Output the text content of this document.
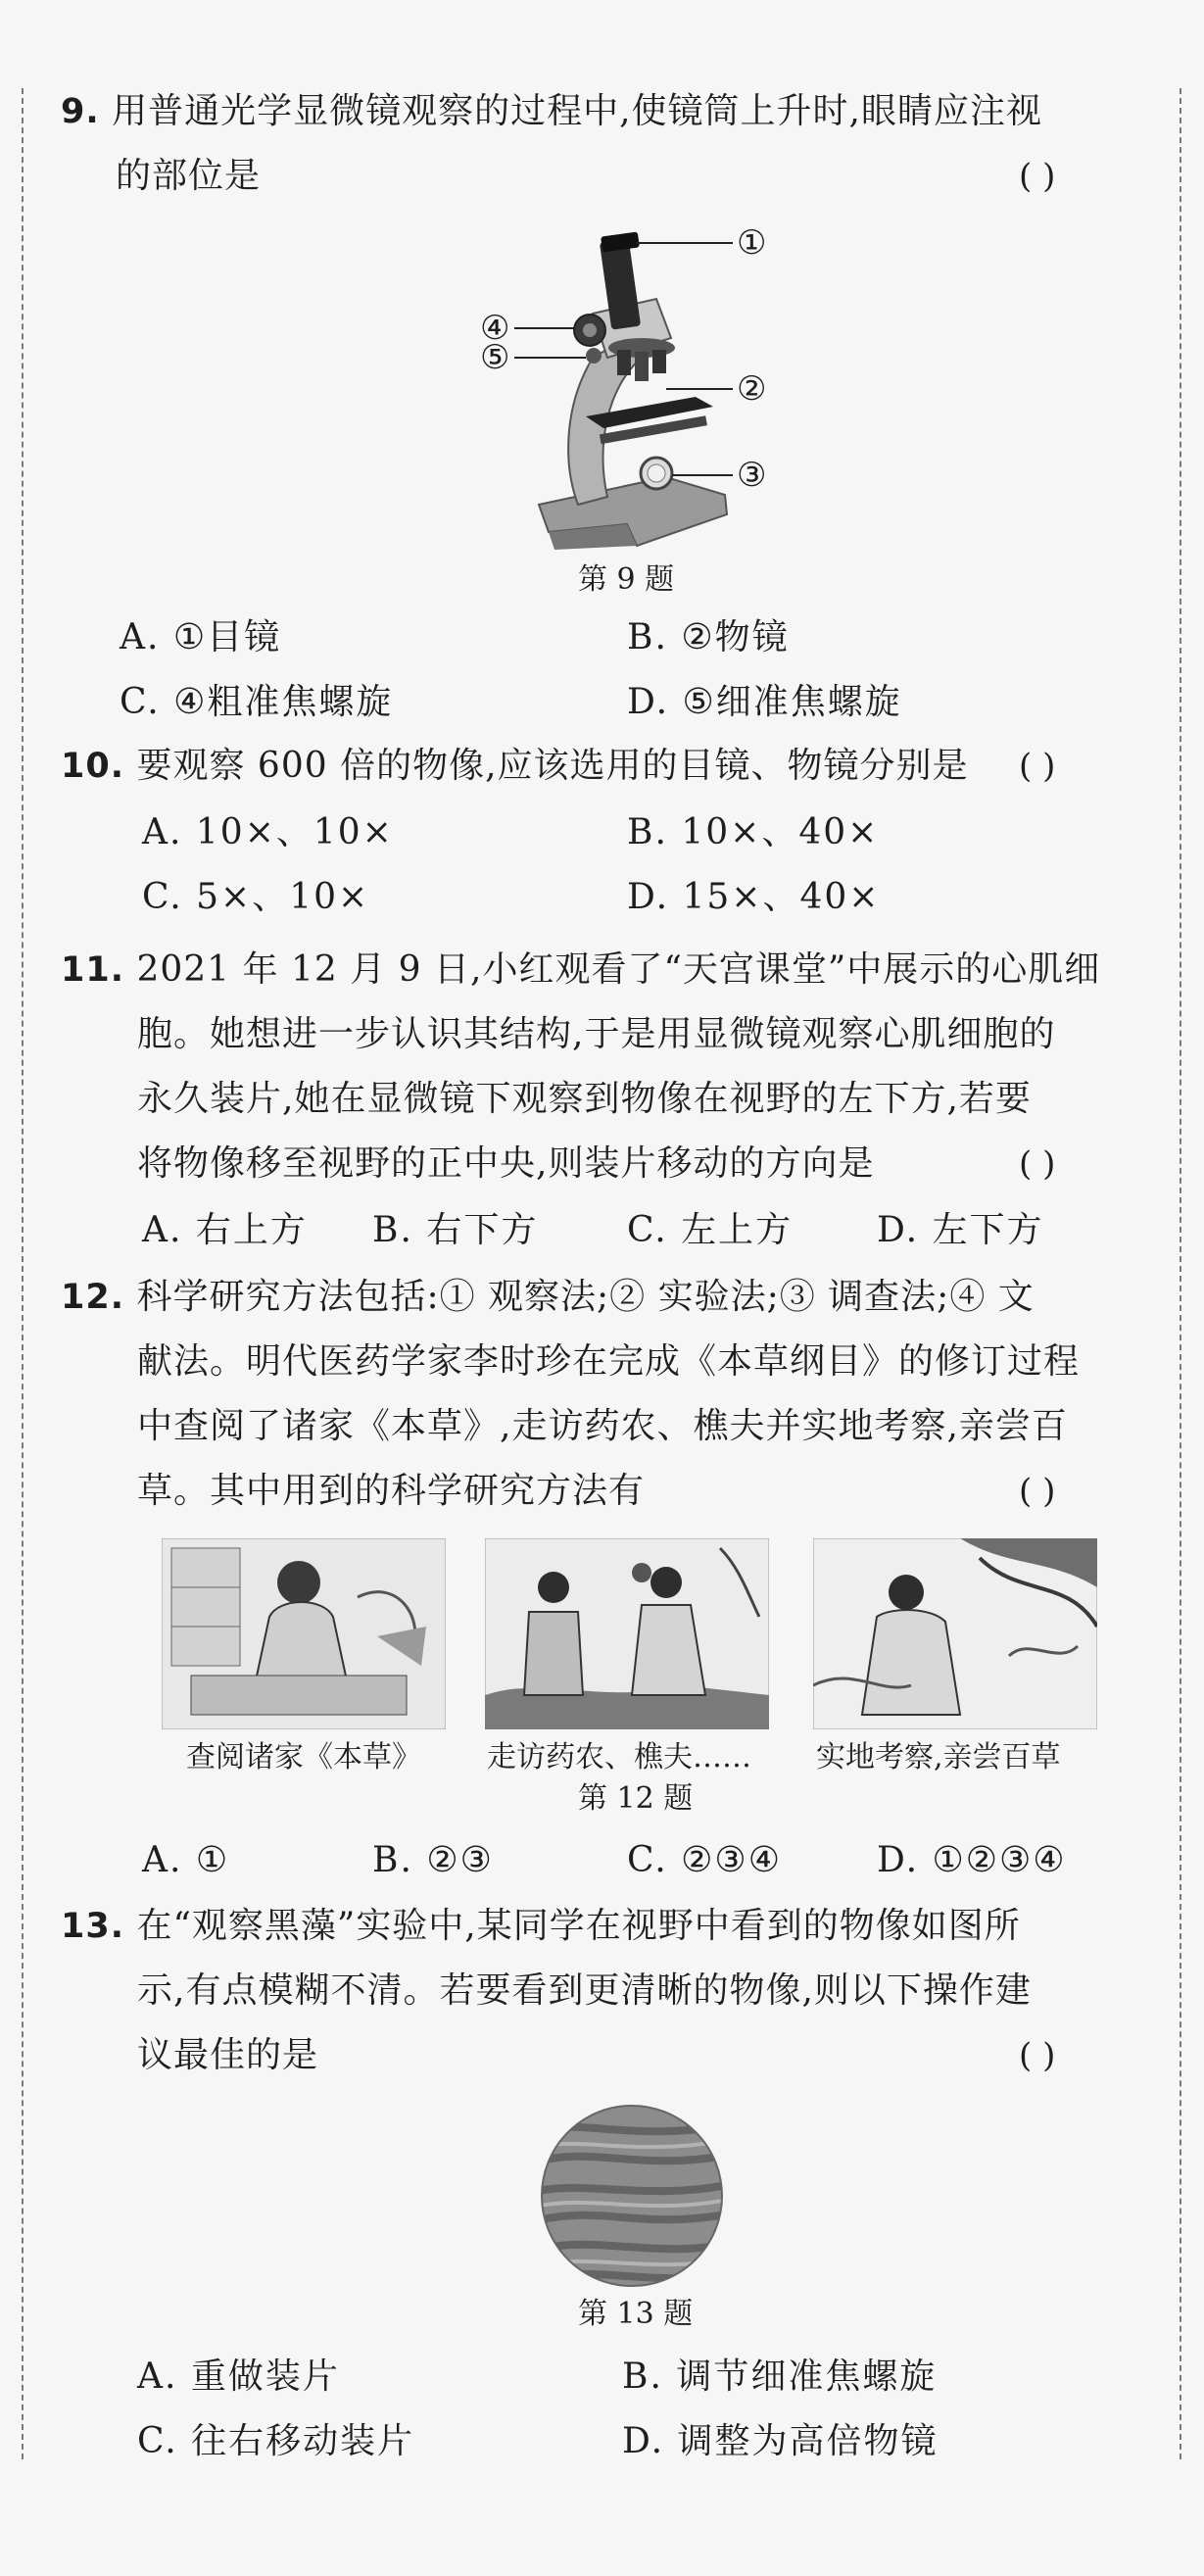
9. 用普通光学显微镜观察的过程中,使镜筒上升时,眼睛应注视
的部位是	( )
①
②
③
④
⑤
第 9 题
A. ①目镜	B. ②物镜
C. ④粗准焦螺旋	D. ⑤细准焦螺旋
10. 要观察 600 倍的物像,应该选用的目镜、物镜分别是 ( )
A. 10×、10×	B. 10×、40×
C. 5×、10×	D. 15×、40×
11. 2021 年 12 月 9 日,小红观看了“天宫课堂”中展示的心肌细
胞。她想进一步认识其结构,于是用显微镜观察心肌细胞的
永久装片,她在显微镜下观察到物像在视野的左下方,若要
将物像移至视野的正中央,则装片移动的方向是	( )
A. 右上方 B. 右下方	C. 左上方 D. 左下方
12. 科学研究方法包括:① 观察法;② 实验法;③ 调查法;④ 文
献法。明代医药学家李时珍在完成《本草纲目》的修订过程
中查阅了诸家《本草》,走访药农、樵夫并实地考察,亲尝百
草。其中用到的科学研究方法有	( )
查阅诸家《本草》 走访药农、樵夫…… 实地考察,亲尝百草
第 12 题
A. ①	B. ②③	C. ②③④	D. ①②③④
13. 在“观察黑藻”实验中,某同学在视野中看到的物像如图所
示,有点模糊不清。若要看到更清晰的物像,则以下操作建
议最佳的是	( )
第 13 题
A. 重做装片	B. 调节细准焦螺旋
C. 往右移动装片	D. 调整为高倍物镜
